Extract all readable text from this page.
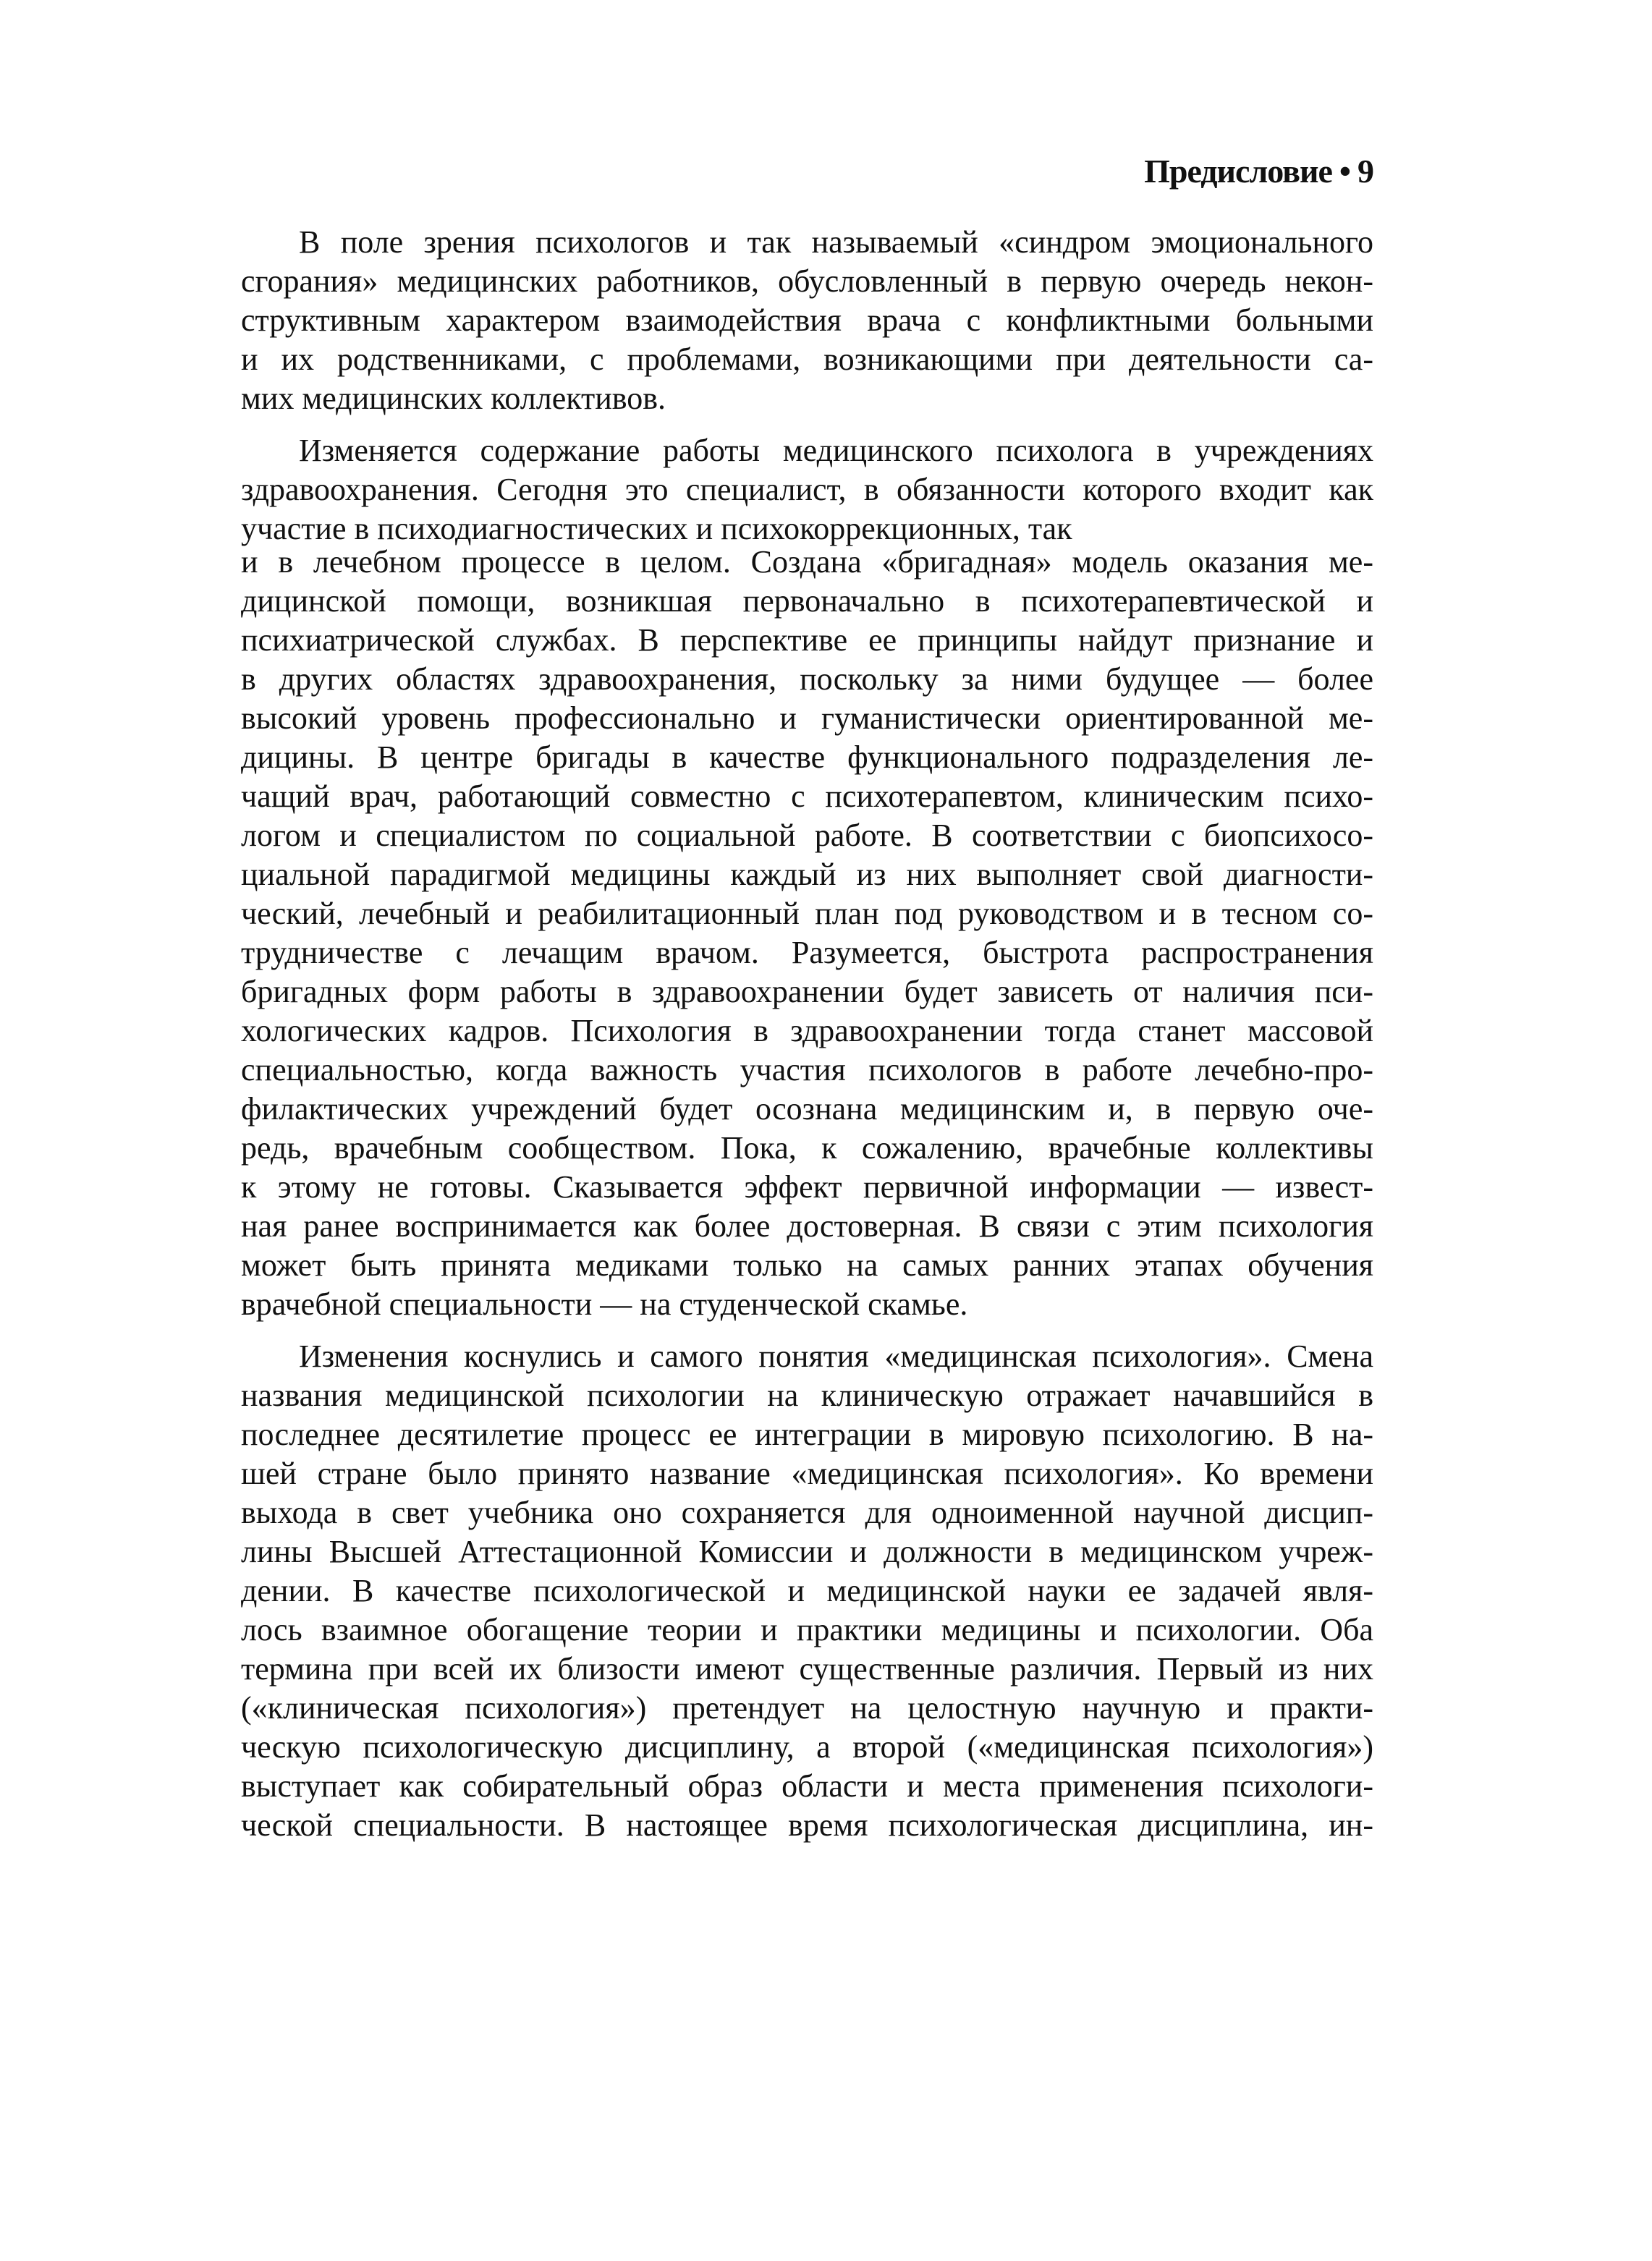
Предисловие • 9
В поле зрения психологов и так называемый «синдром эмоционального
сгорания» медицинских работников, обусловленный в первую очередь некон-
структивным характером взаимодействия врача с конфликтными больными
и их родственниками, с проблемами, возникающими при деятельности са-
мих медицинских коллективов.
Изменяется содержание работы медицинского психолога в учреждениях
здравоохранения. Сегодня это специалист, в обязанности которого входит как
участие в психодиагностических и психокоррекционных, так
и в лечебном процессе в целом. Создана «бригадная» модель оказания ме-
дицинской помощи, возникшая первоначально в психотерапевтической и
психиатрической службах. В перспективе ее принципы найдут признание и
в других областях здравоохранения, поскольку за ними будущее — более
высокий уровень профессионально и гуманистически ориентированной ме-
дицины. В центре бригады в качестве функционального подразделения ле-
чащий врач, работающий совместно с психотерапевтом, клиническим психо-
логом и специалистом по социальной работе. В соответствии с биопсихосо-
циальной парадигмой медицины каждый из них выполняет свой диагности-
ческий, лечебный и реабилитационный план под руководством и в тесном со-
трудничестве с лечащим врачом. Разумеется, быстрота распространения
бригадных форм работы в здравоохранении будет зависеть от наличия пси-
хологических кадров. Психология в здравоохранении тогда станет массовой
специальностью, когда важность участия психологов в работе лечебно-про-
филактических учреждений будет осознана медицинским и, в первую оче-
редь, врачебным сообществом. Пока, к сожалению, врачебные коллективы
к этому не готовы. Сказывается эффект первичной информации — извест-
ная ранее воспринимается как более достоверная. В связи с этим психология
может быть принята медиками только на самых ранних этапах обучения
врачебной специальности — на студенческой скамье.
Изменения коснулись и самого понятия «медицинская психология». Смена
названия медицинской психологии на клиническую отражает начавшийся в
последнее десятилетие процесс ее интеграции в мировую психологию. В на-
шей стране было принято название «медицинская психология». Ко времени
выхода в свет учебника оно сохраняется для одноименной научной дисцип-
лины Высшей Аттестационной Комиссии и должности в медицинском учреж-
дении. В качестве психологической и медицинской науки ее задачей явля-
лось взаимное обогащение теории и практики медицины и психологии. Оба
термина при всей их близости имеют существенные различия. Первый из них
(«клиническая психология») претендует на целостную научную и практи-
ческую психологическую дисциплину, а второй («медицинская психология»)
выступает как собирательный образ области и места применения психологи-
ческой специальности. В настоящее время психологическая дисциплина, ин-
